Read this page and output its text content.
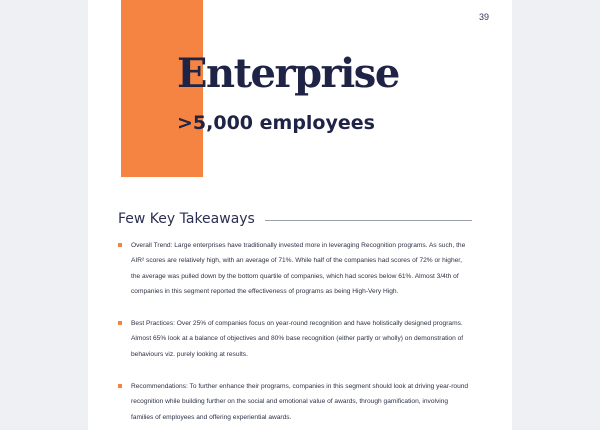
39
Enterprise
>5,000 employees
Few Key Takeaways
Overall Trend: Large enterprises have traditionally invested more in leveraging Recognition programs. As such, the AIR² scores are relatively high, with an average of 71%. While half of the companies had scores of 72% or higher, the average was pulled down by the bottom quartile of companies, which had scores below 61%. Almost 3/4th of companies in this segment reported the effectiveness of programs as being High-Very High.
Best Practices: Over 25% of companies focus on year-round recognition and have holistically designed programs. Almost 65% look at a balance of objectives and 80% base recognition (either partly or wholly) on demonstration of behaviours viz. purely looking at results.
Recommendations: To further enhance their programs, companies in this segment should look at driving year-round recognition while building further on the social and emotional value of awards, through gamification, involving families of employees and offering experiential awards.
